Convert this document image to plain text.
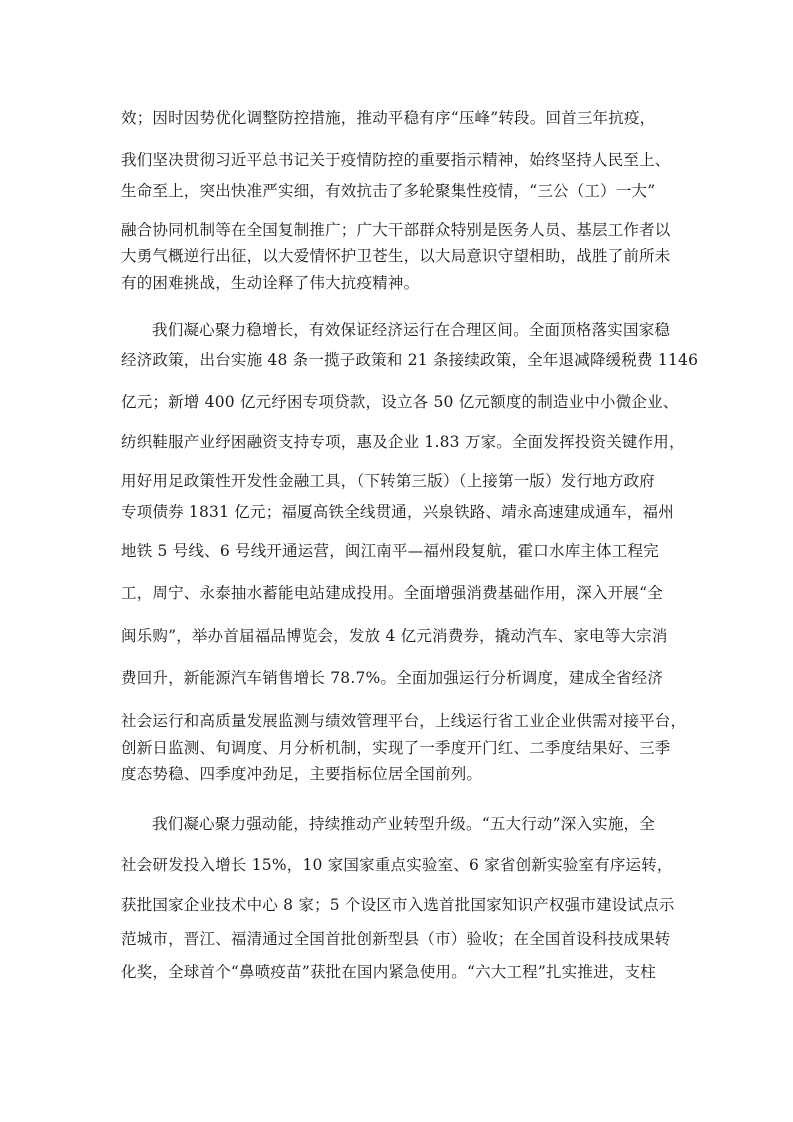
效；因时因势优化调整防控措施，推动平稳有序“压峰”转段。回首三年抗疫，
我们坚决贯彻习近平总书记关于疫情防控的重要指示精神，始终坚持人民至上、
生命至上，突出快准严实细，有效抗击了多轮聚集性疫情，“三公（工）一大”
融合协同机制等在全国复制推广；广大干部群众特别是医务人员、基层工作者以
大勇气概逆行出征，以大爱情怀护卫苍生，以大局意识守望相助，战胜了前所未
有的困难挑战，生动诠释了伟大抗疫精神。
我们凝心聚力稳增长，有效保证经济运行在合理区间。全面顶格落实国家稳
经济政策，出台实施 48 条一揽子政策和 21 条接续政策，全年退减降缓税费 1146
亿元；新增 400 亿元纾困专项贷款，设立各 50 亿元额度的制造业中小微企业、
纺织鞋服产业纾困融资支持专项，惠及企业 1.83 万家。全面发挥投资关键作用，
用好用足政策性开发性金融工具，（下转第三版）（上接第一版）发行地方政府
专项债券 1831 亿元；福厦高铁全线贯通，兴泉铁路、靖永高速建成通车，福州
地铁 5 号线、6 号线开通运营，闽江南平—福州段复航，霍口水库主体工程完
工，周宁、永泰抽水蓄能电站建成投用。全面增强消费基础作用，深入开展“全
闽乐购”，举办首届福品博览会，发放 4 亿元消费券，撬动汽车、家电等大宗消
费回升，新能源汽车销售增长 78.7%。全面加强运行分析调度，建成全省经济
社会运行和高质量发展监测与绩效管理平台，上线运行省工业企业供需对接平台，
创新日监测、旬调度、月分析机制，实现了一季度开门红、二季度结果好、三季
度态势稳、四季度冲劲足，主要指标位居全国前列。
我们凝心聚力强动能，持续推动产业转型升级。“五大行动”深入实施，全
社会研发投入增长 15%，10 家国家重点实验室、6 家省创新实验室有序运转，
获批国家企业技术中心 8 家；5 个设区市入选首批国家知识产权强市建设试点示
范城市，晋江、福清通过全国首批创新型县（市）验收；在全国首设科技成果转
化奖，全球首个“鼻喷疫苗”获批在国内紧急使用。“六大工程”扎实推进，支柱
